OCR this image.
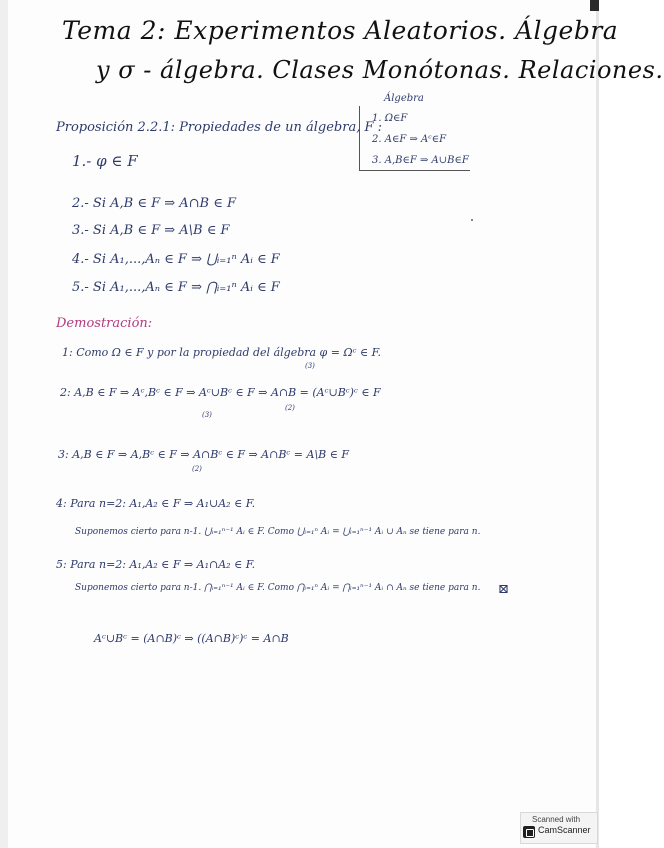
Tema 2: Experimentos Aleatorios. Álgebra
y σ - álgebra. Clases Monótonas. Relaciones.
Álgebra
1. Ω∈F
2. A∈F ⇒ Aᶜ∈F
3. A,B∈F ⇒ A∪B∈F
Proposición 2.2.1: Propiedades de un álgebra, F :
1.- φ ∈ F
2.- Si A,B ∈ F ⇒ A∩B ∈ F
3.- Si A,B ∈ F ⇒ A\B ∈ F
4.- Si A₁,...,Aₙ ∈ F ⇒ ⋃ᵢ₌₁ⁿ Aᵢ ∈ F
5.- Si A₁,...,Aₙ ∈ F ⇒ ⋂ᵢ₌₁ⁿ Aᵢ ∈ F
Demostración:
1: Como Ω ∈ F y por la propiedad del álgebra φ = Ωᶜ ∈ F.
(3)
2: A,B ∈ F ⇒ Aᶜ,Bᶜ ∈ F ⇒ Aᶜ∪Bᶜ ∈ F ⇒ A∩B = (Aᶜ∪Bᶜ)ᶜ ∈ F
(3)
(2)
3: A,B ∈ F ⇒ A,Bᶜ ∈ F ⇒ A∩Bᶜ ∈ F ⇒ A∩Bᶜ = A\B ∈ F
(2)
4: Para n=2: A₁,A₂ ∈ F ⇒ A₁∪A₂ ∈ F.
Suponemos cierto para n-1. ⋃ᵢ₌₁ⁿ⁻¹ Aᵢ ∈ F. Como ⋃ᵢ₌₁ⁿ Aᵢ = ⋃ᵢ₌₁ⁿ⁻¹ Aᵢ ∪ Aₙ se tiene para n.
5: Para n=2: A₁,A₂ ∈ F ⇒ A₁∩A₂ ∈ F.
Suponemos cierto para n-1. ⋂ᵢ₌₁ⁿ⁻¹ Aᵢ ∈ F. Como ⋂ᵢ₌₁ⁿ Aᵢ = ⋂ᵢ₌₁ⁿ⁻¹ Aᵢ ∩ Aₙ se tiene para n. ⊠
Aᶜ∪Bᶜ = (A∩B)ᶜ ⇒ ((A∩B)ᶜ)ᶜ = A∩B
Scanned with
CamScanner
